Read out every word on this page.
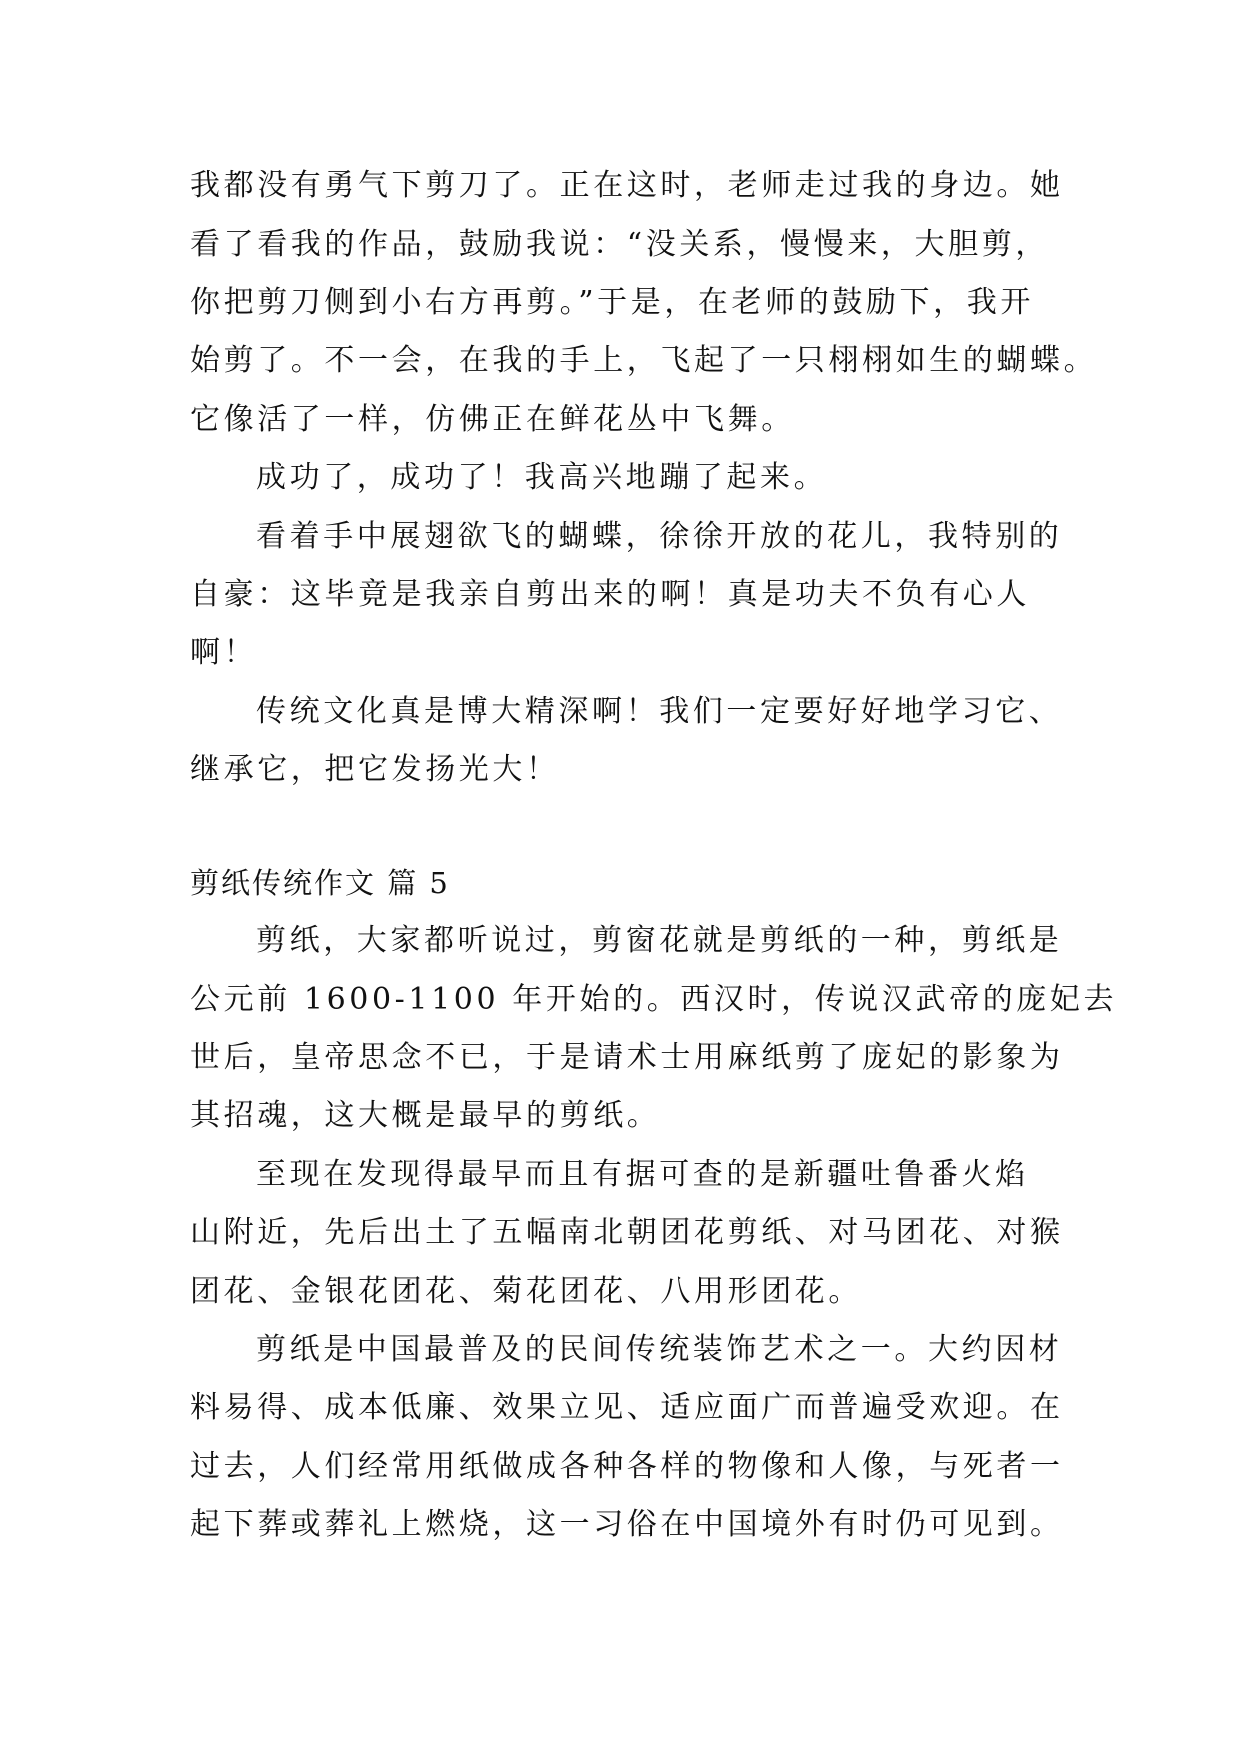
我都没有勇气下剪刀了。正在这时，老师走过我的身边。她
看了看我的作品，鼓励我说：“没关系，慢慢来，大胆剪，
你把剪刀侧到小右方再剪。”于是，在老师的鼓励下，我开
始剪了。不一会，在我的手上，飞起了一只栩栩如生的蝴蝶。
它像活了一样，仿佛正在鲜花丛中飞舞。
成功了，成功了！我高兴地蹦了起来。
看着手中展翅欲飞的蝴蝶，徐徐开放的花儿，我特别的
自豪：这毕竟是我亲自剪出来的啊！真是功夫不负有心人
啊！
传统文化真是博大精深啊！我们一定要好好地学习它、
继承它，把它发扬光大！
剪纸传统作文 篇 5
剪纸，大家都听说过，剪窗花就是剪纸的一种，剪纸是
公元前 1600-1100 年开始的。西汉时，传说汉武帝的庞妃去
世后，皇帝思念不已，于是请术士用麻纸剪了庞妃的影象为
其招魂，这大概是最早的剪纸。
至现在发现得最早而且有据可查的是新疆吐鲁番火焰
山附近，先后出土了五幅南北朝团花剪纸、对马团花、对猴
团花、金银花团花、菊花团花、八用形团花。
剪纸是中国最普及的民间传统装饰艺术之一。大约因材
料易得、成本低廉、效果立见、适应面广而普遍受欢迎。在
过去，人们经常用纸做成各种各样的物像和人像，与死者一
起下葬或葬礼上燃烧，这一习俗在中国境外有时仍可见到。
